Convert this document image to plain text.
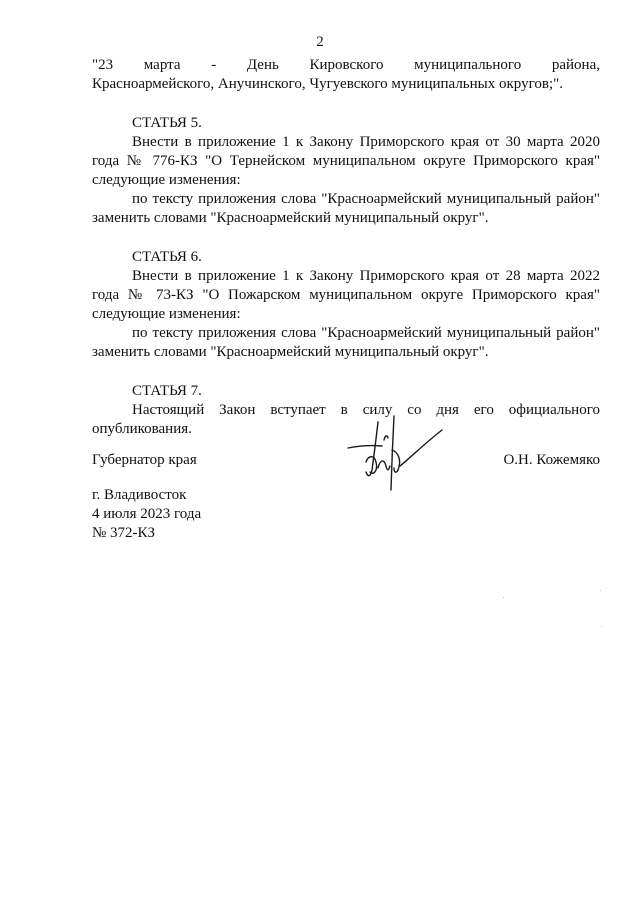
2

"23 марта - День Кировского муниципального района,

Красноармейского, Анучинского, Чугуевского муниципальных округов;".

СТАТЬЯ 5.

Внести в приложение 1 к Закону Приморского края от 30 марта 2020 года № 776-КЗ "О Тернейском муниципальном округе Приморского края" следующие изменения:

по тексту приложения слова "Красноармейский муниципальный район" заменить словами "Красноармейский муниципальный округ".

СТАТЬЯ 6.

Внести в приложение 1 к Закону Приморского края от 28 марта 2022 года № 73-КЗ "О Пожарском муниципальном округе Приморского края" следующие изменения:

по тексту приложения слова "Красноармейский муниципальный район" заменить словами "Красноармейский муниципальный округ".

СТАТЬЯ 7.

Настоящий Закон вступает в силу со дня его официального опубликования.

Губернатор края	О.Н. Кожемяко
г. Владивосток
4 июля 2023 года
№ 372-КЗ
